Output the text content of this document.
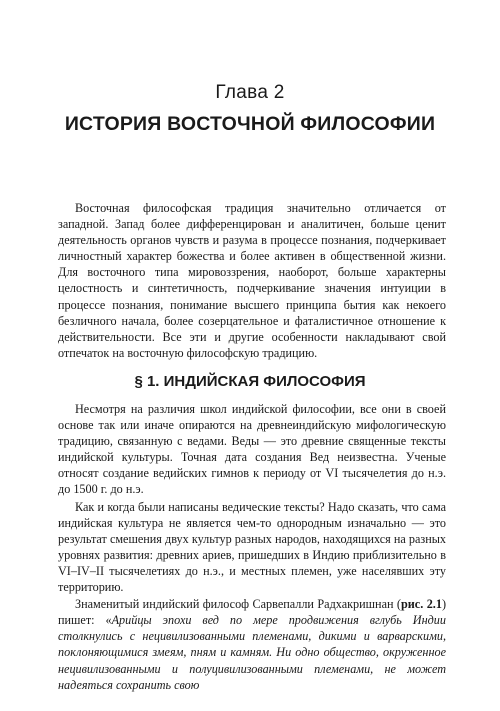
Глава 2
ИСТОРИЯ ВОСТОЧНОЙ ФИЛОСОФИИ

Восточная философская традиция значительно отличается от западной. Запад более дифференцирован и аналитичен, больше ценит деятельность органов чувств и разума в процессе познания, подчеркивает личностный характер божества и более активен в общественной жизни. Для восточного типа мировоззрения, наоборот, больше характерны целостность и синтетичность, подчеркивание значения интуиции в процессе познания, понимание высшего принципа бытия как некоего безличного начала, более созерцательное и фаталистичное отношение к действительности. Все эти и другие особенности накладывают свой отпечаток на восточную философскую традицию.

§ 1. ИНДИЙСКАЯ ФИЛОСОФИЯ

Несмотря на различия школ индийской философии, все они в своей основе так или иначе опираются на древнеиндийскую мифологическую традицию, связанную с ведами. Веды — это древние священные тексты индийской культуры. Точная дата создания Вед неизвестна. Ученые относят создание ведийских гимнов к периоду от VI тысячелетия до н.э. до 1500 г. до н.э.

Как и когда были написаны ведические тексты? Надо сказать, что сама индийская культура не является чем-то однородным изначально — это результат смешения двух культур разных народов, находящихся на разных уровнях развития: древних ариев, пришедших в Индию приблизительно в VI–IV–II тысячелетиях до н.э., и местных племен, уже населявших эту территорию.

Знаменитый индийский философ Сарвепалли Радхакришнан (рис. 2.1) пишет: «Арийцы эпохи вед по мере продвижения вглубь Индии столкнулись с нецивилизованными племенами, дикими и варварскими, поклоняющимися змеям, пням и камням. Ни одно общество, окруженное нецивилизованными и полуцивилизованными племенами, не может надеяться сохранить свою
